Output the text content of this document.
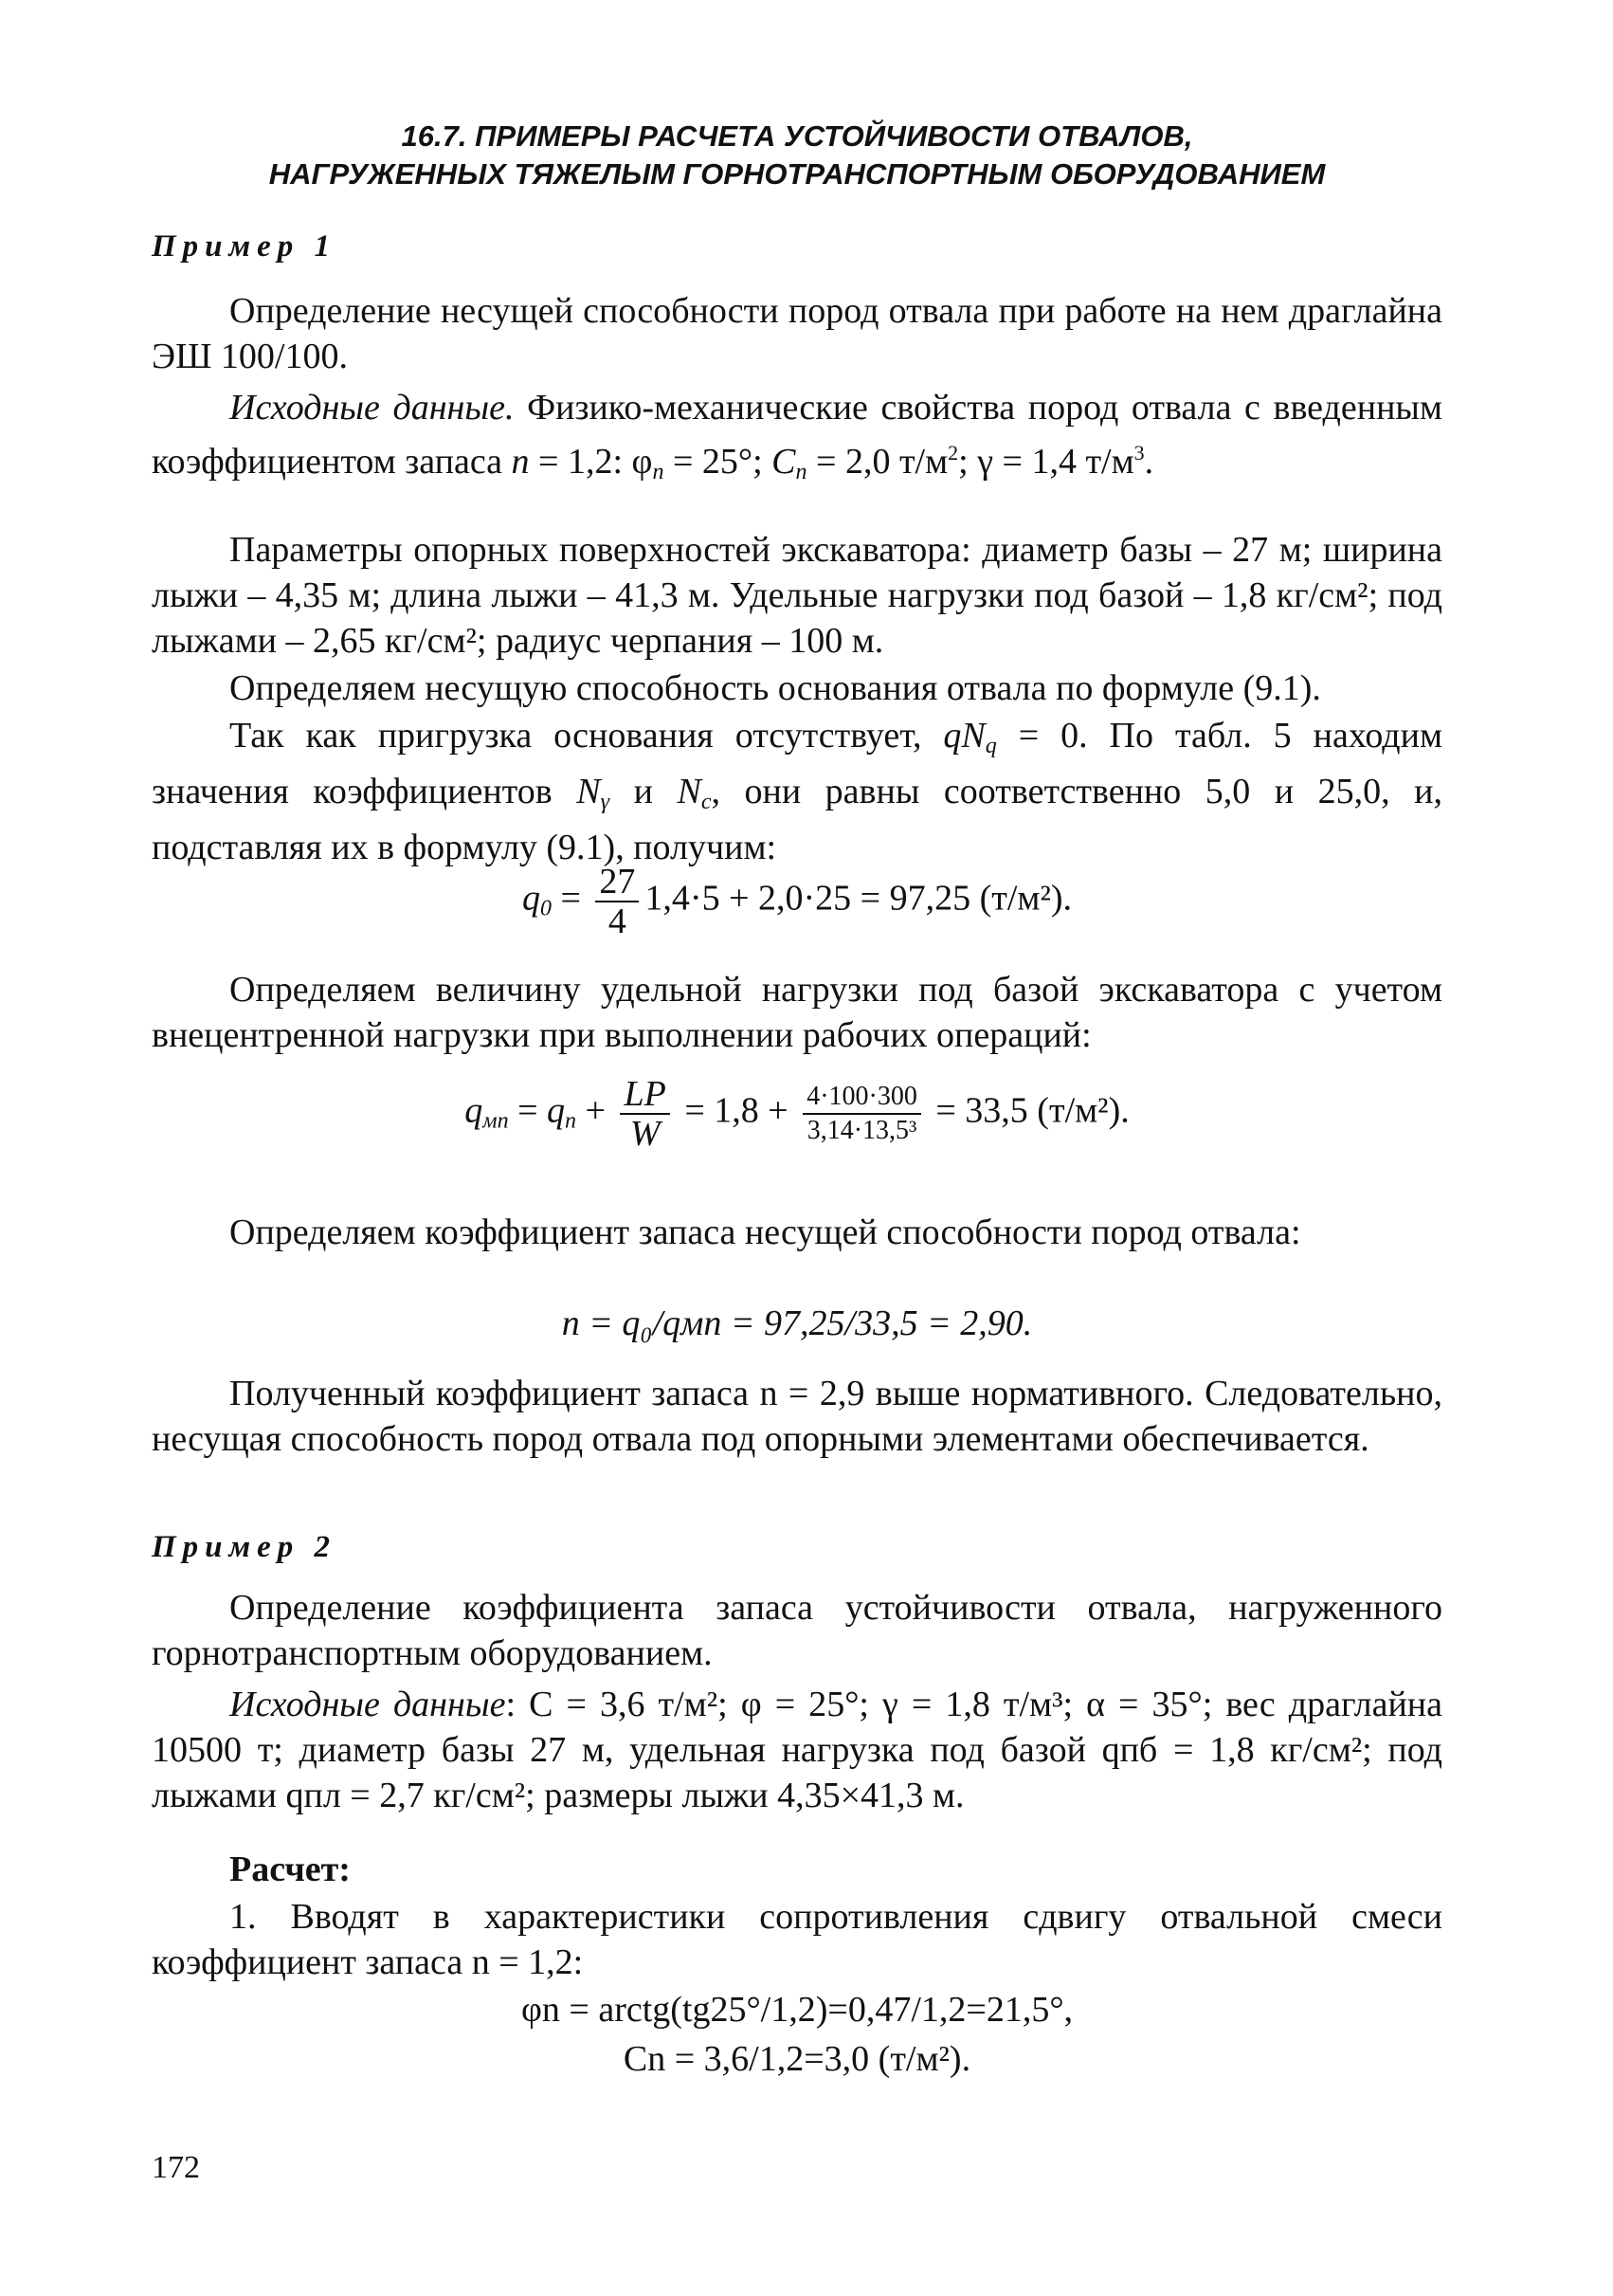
16.7. ПРИМЕРЫ РАСЧЕТА УСТОЙЧИВОСТИ ОТВАЛОВ,
НАГРУЖЕННЫХ ТЯЖЕЛЫМ ГОРНОТРАНСПОРТНЫМ ОБОРУДОВАНИЕМ

Пример 1

Определение несущей способности пород отвала при работе на нем драглайна ЭШ 100/100.

Исходные данные. Физико-механические свойства пород отвала с введенным коэффициентом запаса n = 1,2: $\varphi_n = 25^\circ$; $C_n = 2,0$ $т/м^2$; γ = 1,4 $т/м^3$.

Параметры опорных поверхностей экскаватора: диаметр базы – 27 м; ширина лыжи – 4,35 м; длина лыжи – 41,3 м. Удельные нагрузки под базой – 1,8 кг/см²; под лыжами – 2,65 кг/см²; радиус черпания – 100 м.

Определяем несущую способность основания отвала по формуле (9.1).

Так как пригрузка основания отсутствует, $qN_q = 0$. По табл. 5 находим значения коэффициентов $N_\gamma$ и $N_c$, они равны соответственно 5,0 и 25,0, и, подставляя их в формулу (9.1), получим:

$q_0 = \frac{27}{4} 1,4\cdot 5 + 2,0\cdot 25 = 97,25$ (т/м²).

Определяем величину удельной нагрузки под базой экскаватора с учетом внецентренной нагрузки при выполнении рабочих операций:

$q_{мп} = q_n + \frac{LP}{W} = 1,8 + \frac{4\cdot 100\cdot 300}{\text{3,14·13,5³}} = 33,5$ (т/м²).

Определяем коэффициент запаса несущей способности пород отвала:

n = q₀/qмп = 97,25/33,5 = 2,90.

Полученный коэффициент запаса n = 2,9 выше нормативного. Следовательно, несущая способность пород отвала под опорными элементами обеспечивается.

Пример 2

Определение коэффициента запаса устойчивости отвала, нагруженного горнотранспортным оборудованием.

Исходные данные: C = 3,6 т/м²; φ = 25°; γ = 1,8 т/м³; α = 35°; вес драглайна 10500 т; диаметр базы 27 м, удельная нагрузка под базой qпб = 1,8 кг/см²; под лыжами qпл = 2,7 кг/см²; размеры лыжи 4,35×41,3 м.

Расчет:

1. Вводят в характеристики сопротивления сдвигу отвальной смеси коэффициент запаса n = 1,2:

φn = arctg(tg25°/1,2)=0,47/1,2=21,5°,
Cn = 3,6/1,2=3,0 (т/м²).

172
